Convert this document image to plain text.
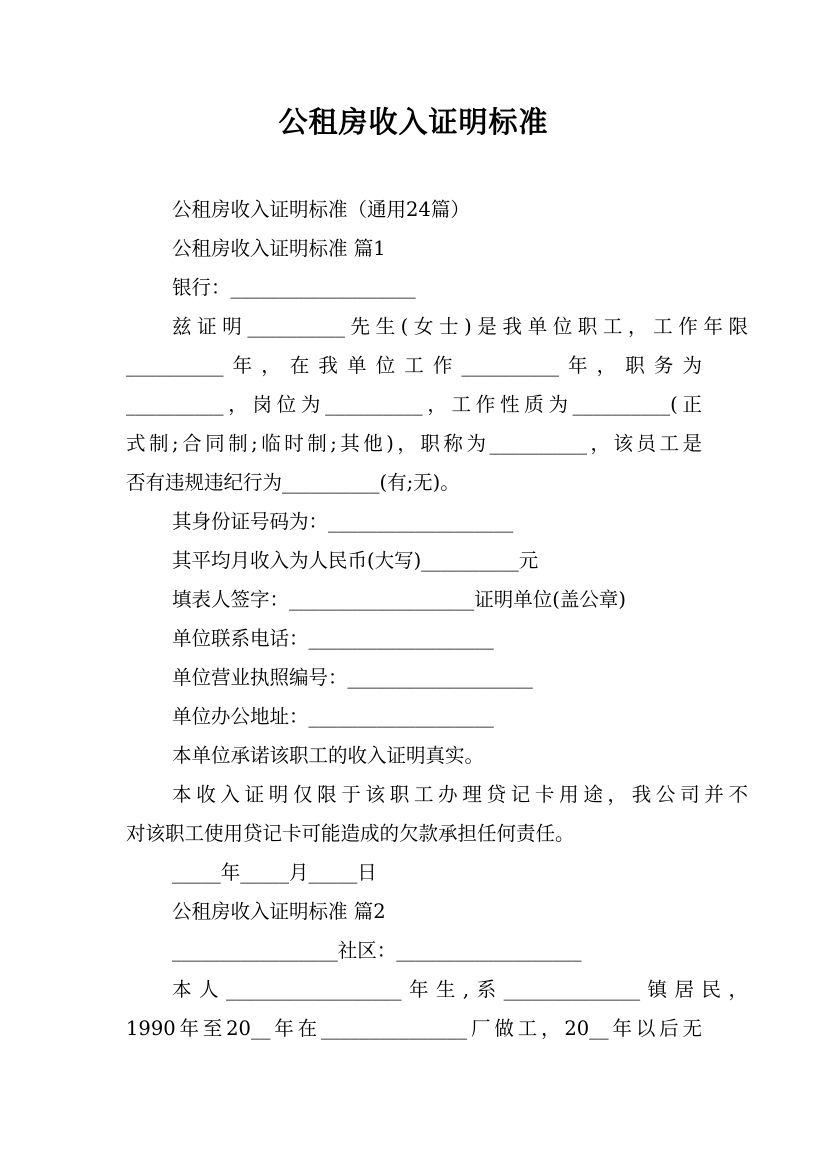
公租房收入证明标准
公租房收入证明标准（通用24篇）
公租房收入证明标准 篇1
银行：___________________
兹证明__________先生(女士)是我单位职工，工作年限
__________年，在我单位工作__________年，职务为
__________，岗位为__________，工作性质为__________(正
式制;合同制;临时制;其他)，职称为__________，该员工是
否有违规违纪行为__________(有;无)。
其身份证号码为：___________________
其平均月收入为人民币(大写)__________元
填表人签字：___________________证明单位(盖公章)
单位联系电话：___________________
单位营业执照编号：___________________
单位办公地址：___________________
本单位承诺该职工的收入证明真实。
本收入证明仅限于该职工办理贷记卡用途，我公司并不
对该职工使用贷记卡可能造成的欠款承担任何责任。
_____年_____月_____日
公租房收入证明标准 篇2
_________________社区：___________________
本人__________________年生,系______________镇居民，
1990年至20__年在_______________厂做工，20__年以后无
